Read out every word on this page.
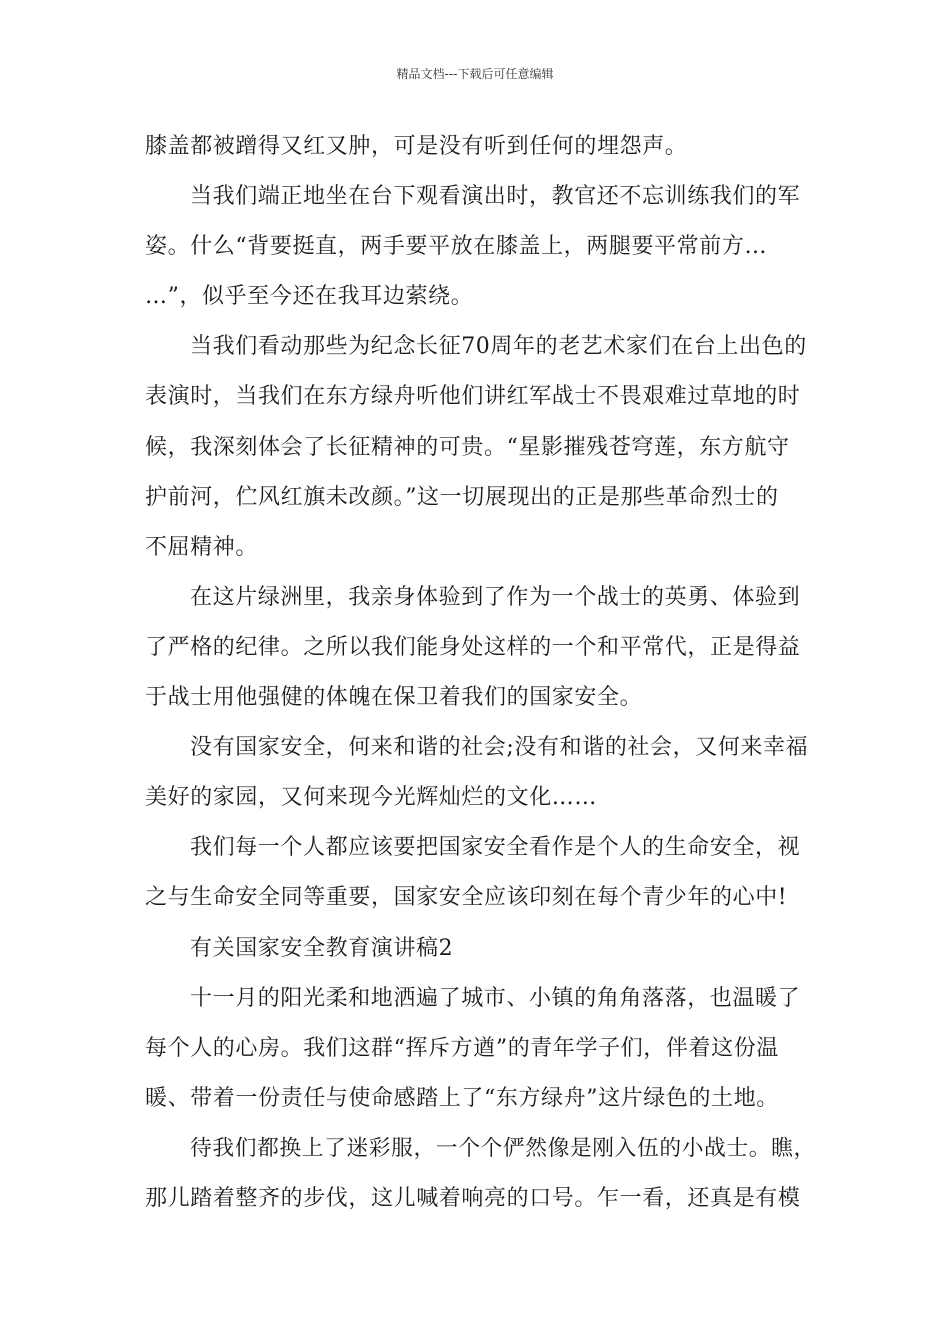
精品文档---下载后可任意编辑
膝盖都被蹭得又红又肿，可是没有听到任何的埋怨声。
当我们端正地坐在台下观看演出时，教官还不忘训练我们的军
姿。什么“背要挺直，两手要平放在膝盖上，两腿要平常前方…
…”，似乎至今还在我耳边萦绕。
当我们看动那些为纪念长征70周年的老艺术家们在台上出色的
表演时，当我们在东方绿舟听他们讲红军战士不畏艰难过草地的时
候，我深刻体会了长征精神的可贵。“星影摧残苍穹莲，东方航守
护前河，伫风红旗未改颜。”这一切展现出的正是那些革命烈士的
不屈精神。
在这片绿洲里，我亲身体验到了作为一个战士的英勇、体验到
了严格的纪律。之所以我们能身处这样的一个和平常代，正是得益
于战士用他强健的体魄在保卫着我们的国家安全。
没有国家安全，何来和谐的社会;没有和谐的社会，又何来幸福
美好的家园，又何来现今光辉灿烂的文化……
我们每一个人都应该要把国家安全看作是个人的生命安全，视
之与生命安全同等重要，国家安全应该印刻在每个青少年的心中!
有关国家安全教育演讲稿2
十一月的阳光柔和地洒遍了城市、小镇的角角落落，也温暖了
每个人的心房。我们这群“挥斥方遒”的青年学子们，伴着这份温
暖、带着一份责任与使命感踏上了“东方绿舟”这片绿色的土地。
待我们都换上了迷彩服，一个个俨然像是刚入伍的小战士。瞧，
那儿踏着整齐的步伐，这儿喊着响亮的口号。乍一看，还真是有模
